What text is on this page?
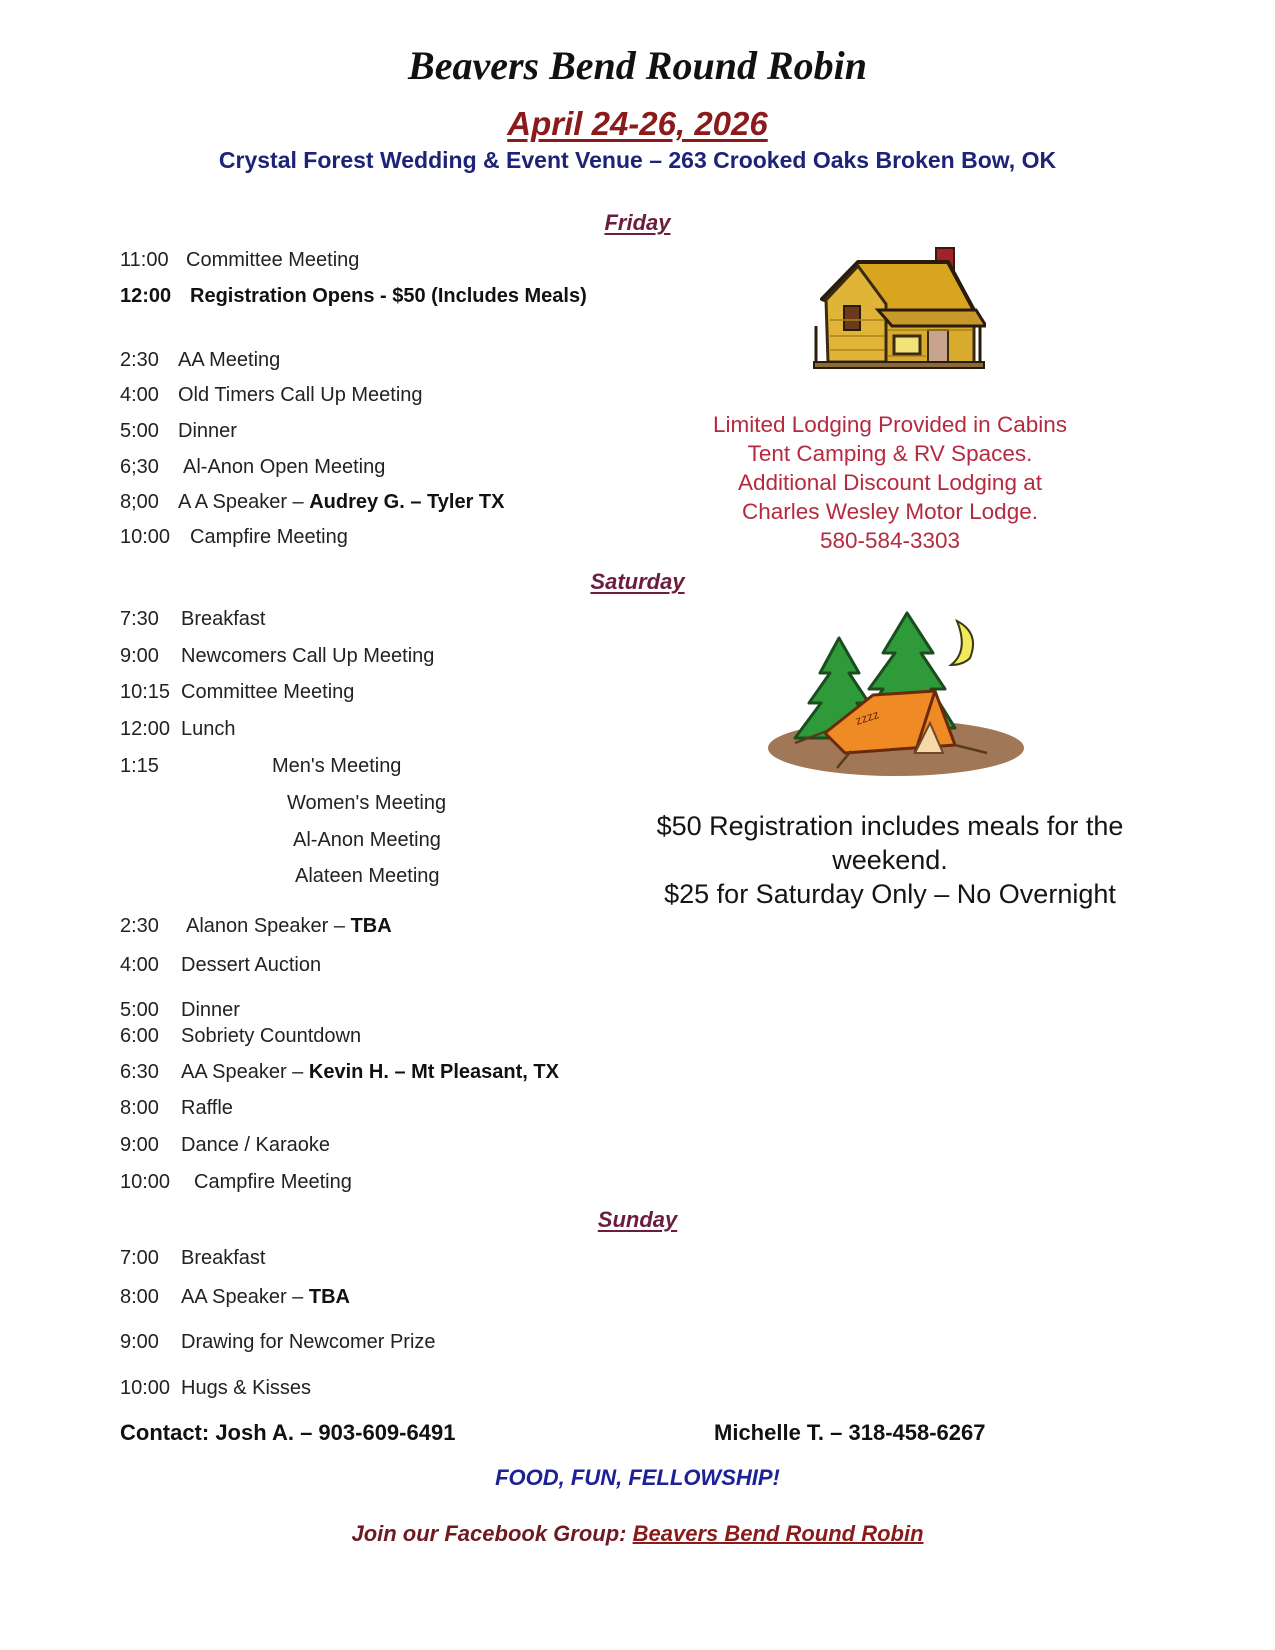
Beavers Bend Round Robin
April 24-26, 2026
Crystal Forest Wedding & Event Venue – 263 Crooked Oaks Broken Bow, OK
Friday
11:00 Committee Meeting
12:00 Registration Opens - $50 (Includes Meals)
2:30 AA Meeting
4:00 Old Timers Call Up Meeting
5:00 Dinner
6;30 Al-Anon Open Meeting
8;00 A A Speaker – Audrey G. – Tyler TX
10:00 Campfire Meeting
Limited Lodging Provided in Cabins
Tent Camping & RV Spaces.
Additional Discount Lodging at
Charles Wesley Motor Lodge.
580-584-3303
Saturday
7:30 Breakfast
9:00 Newcomers Call Up Meeting
10:15 Committee Meeting
12:00 Lunch
1:15	Men's Meeting
Women's Meeting
Al-Anon Meeting
Alateen Meeting
2:30 Alanon Speaker – TBA
4:00 Dessert Auction
5:00 Dinner
6:00 Sobriety Countdown
6:30 AA Speaker – Kevin H. – Mt Pleasant, TX
8:00 Raffle
9:00 Dance / Karaoke
10:00 Campfire Meeting
zzzz
$50 Registration includes meals for the
weekend.
$25 for Saturday Only – No Overnight
Sunday
7:00 Breakfast
8:00 AA Speaker – TBA
9:00 Drawing for Newcomer Prize
10:00 Hugs & Kisses
Contact: Josh A. – 903-609-6491	Michelle T. – 318-458-6267
FOOD, FUN, FELLOWSHIP!
Join our Facebook Group: Beavers Bend Round Robin
